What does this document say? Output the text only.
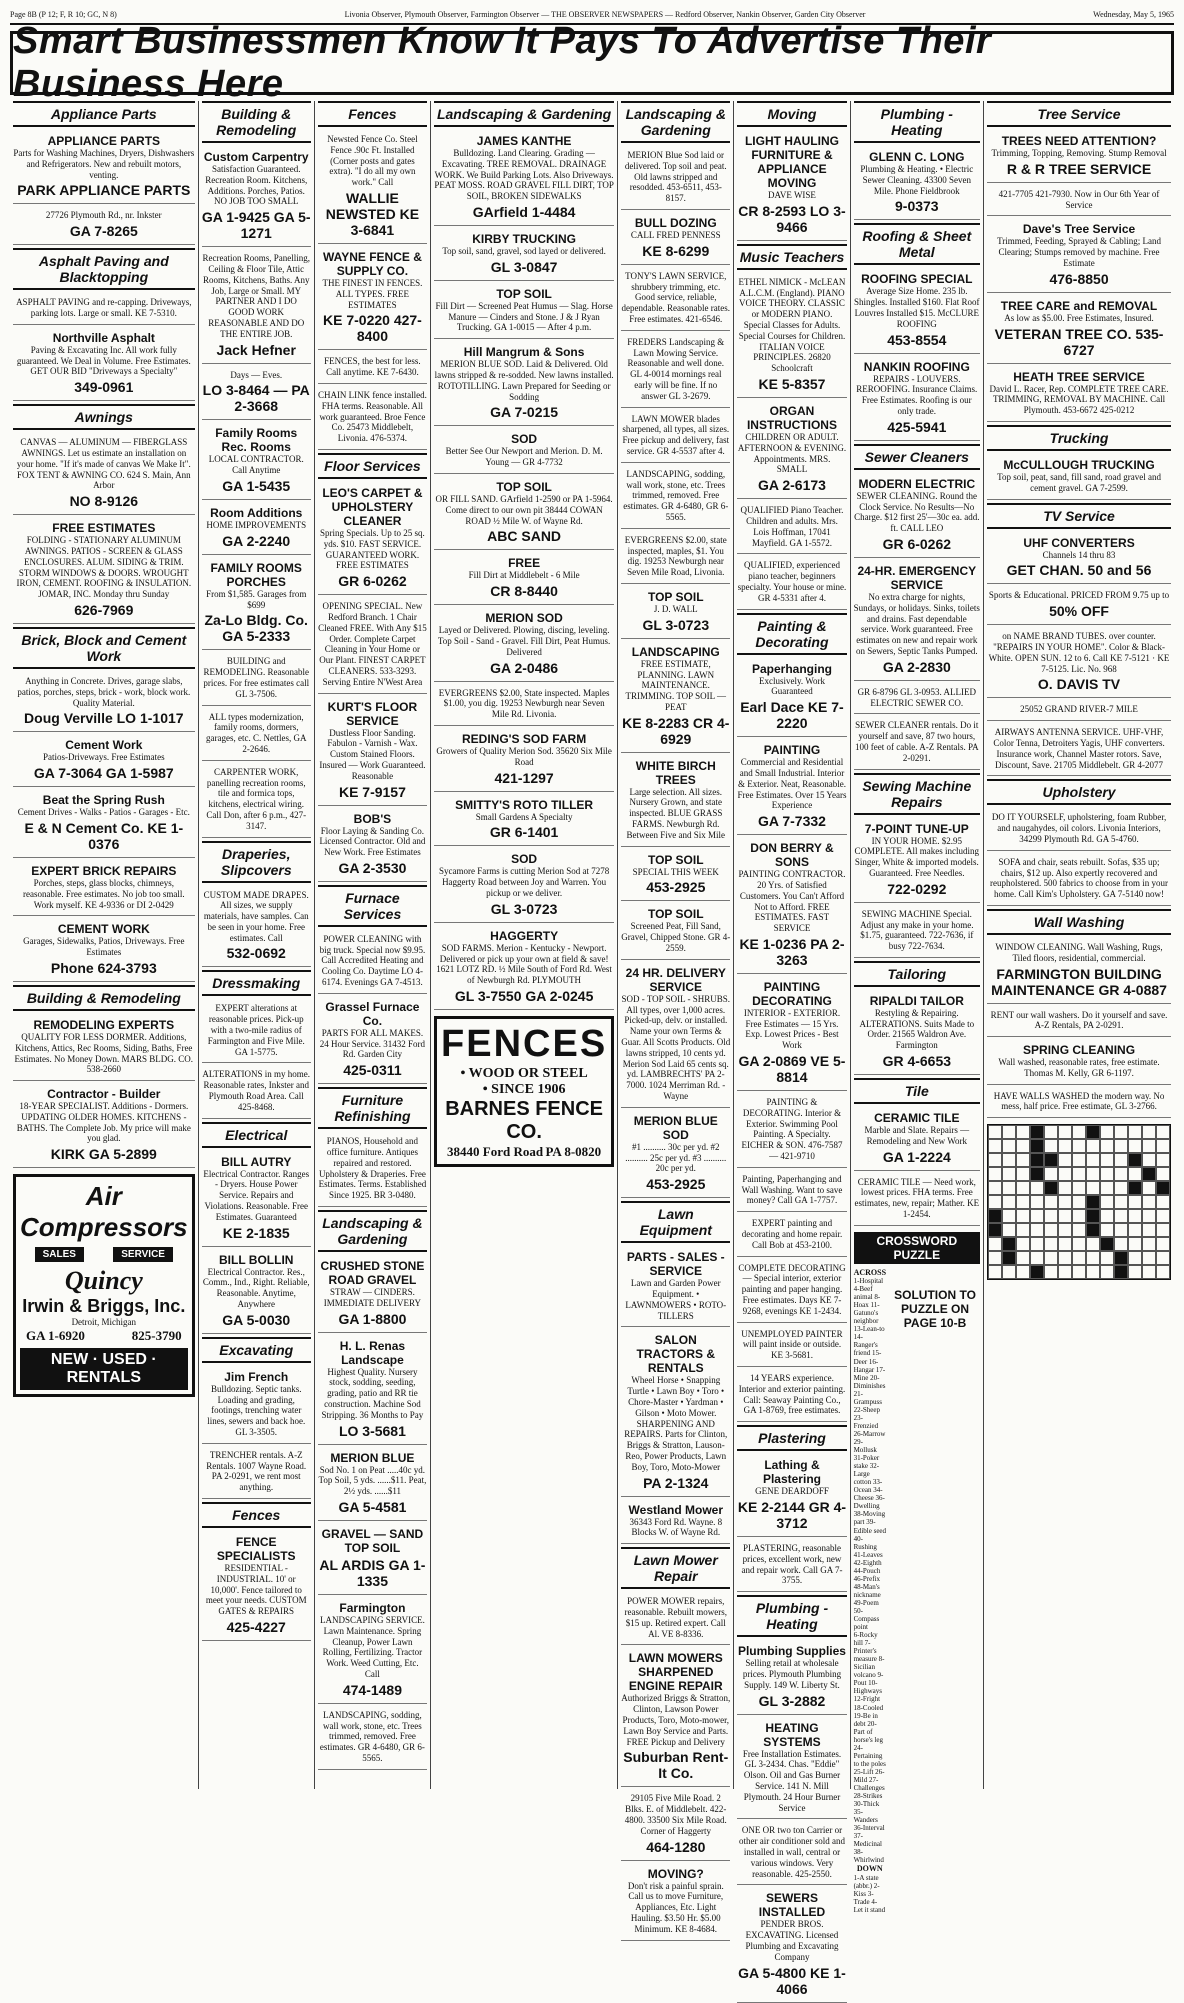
Page 8B (P 12; F, R 10; GC, N 8)	Livonia Observer, Plymouth Observer, Farmington Observer — THE OBSERVER NEWSPAPERS — Redford Observer, Nankin Observer, Garden City Observer	Wednesday, May 5, 1965
Smart Businessmen Know It Pays To Advertise Their Business Here
Appliance Parts
APPLIANCE PARTS
Parts for Washing Machines, Dryers, Dishwashers and Refrigerators. New and rebuilt motors, venting.
PARK APPLIANCE PARTS
27726 Plymouth Rd., nr. Inkster
GA 7-8265
Asphalt Paving and Blacktopping
ASPHALT PAVING and re-capping. Driveways, parking lots. Large or small. KE 7-5310.
Northville Asphalt
Paving & Excavating Inc. All work fully guaranteed. We Deal in Volume. Free Estimates. GET OUR BID "Driveways a Specialty"
349-0961
Awnings
CANVAS — ALUMINUM — FIBERGLASS AWNINGS. Let us estimate an installation on your home. "If it's made of canvas We Make It". FOX TENT & AWNING CO. 624 S. Main, Ann Arbor
NO 8-9126
FREE ESTIMATES
FOLDING - STATIONARY ALUMINUM AWNINGS. PATIOS - SCREEN & GLASS ENCLOSURES. ALUM. SIDING & TRIM. STORM WINDOWS & DOORS. WROUGHT IRON, CEMENT. ROOFING & INSULATION. JOMAR, INC. Monday thru Sunday
626-7969
Brick, Block and Cement Work
Anything in Concrete. Drives, garage slabs, patios, porches, steps, brick - work, block work. Quality Material.
Doug Verville LO 1-1017
Cement Work
Patios-Driveways. Free Estimates
GA 7-3064 GA 1-5987
Beat the Spring Rush
Cement Drives - Walks - Patios - Garages - Etc.
E & N Cement Co. KE 1-0376
EXPERT BRICK REPAIRS
Porches, steps, glass blocks, chimneys, reasonable. Free estimates. No job too small. Work myself. KE 4-9336 or DI 2-0429
CEMENT WORK
Garages, Sidewalks, Patios, Driveways. Free Estimates
Phone 624-3793
Building & Remodeling
REMODELING EXPERTS
QUALITY FOR LESS DORMER. Additions, Kitchens, Attics, Rec Rooms, Siding, Baths, Free Estimates. No Money Down. MARS BLDG. CO. 538-2660
Contractor - Builder
18-YEAR SPECIALIST. Additions - Dormers. UPDATING OLDER HOMES. KITCHENS - BATHS. The Complete Job. My price will make you glad.
KIRK GA 5-2899
Air Compressors
SALES	SERVICE
Quincy
Irwin & Briggs, Inc.
Detroit, Michigan
GA 1-6920	825-3790
NEW · USED · RENTALS
Building & Remodeling
Custom Carpentry
Satisfaction Guaranteed. Recreation Room. Kitchens, Additions. Porches, Patios. NO JOB TOO SMALL
GA 1-9425 GA 5-1271
Recreation Rooms, Panelling, Ceiling & Floor Tile, Attic Rooms, Kitchens, Baths. Any Job, Large or Small. MY PARTNER AND I DO GOOD WORK REASONABLE AND DO THE ENTIRE JOB.
Jack Hefner
Days — Eves.
LO 3-8464 — PA 2-3668
Family Rooms Rec. Rooms
LOCAL CONTRACTOR. Call Anytime
GA 1-5435
Room Additions
HOME IMPROVEMENTS
GA 2-2240
FAMILY ROOMS PORCHES
From $1,585. Garages from $699
Za-Lo Bldg. Co. GA 5-2333
BUILDING and REMODELING. Reasonable prices. For free estimates call GL 3-7506.
ALL types modernization, family rooms, dormers, garages, etc. C. Nettles, GA 2-2646.
CARPENTER WORK, panelling recreation rooms, tile and formica tops, kitchens, electrical wiring. Call Don, after 6 p.m., 427-3147.
Draperies, Slipcovers
CUSTOM MADE DRAPES. All sizes, we supply materials, have samples. Can be seen in your home. Free estimates. Call
532-0692
Dressmaking
EXPERT alterations at reasonable prices. Pick-up with a two-mile radius of Farmington and Five Mile. GA 1-5775.
ALTERATIONS in my home. Reasonable rates, Inkster and Plymouth Road Area. Call 425-8468.
Electrical
BILL AUTRY
Electrical Contractor. Ranges - Dryers. House Power Service. Repairs and Violations. Reasonable. Free Estimates. Guaranteed
KE 2-1835
BILL BOLLIN
Electrical Contractor. Res., Comm., Ind., Right. Reliable, Reasonable. Anytime, Anywhere
GA 5-0030
Excavating
Jim French
Bulldozing. Septic tanks. Loading and grading, footings, trenching water lines, sewers and back hoe. GL 3-3505.
TRENCHER rentals. A-Z Rentals. 1007 Wayne Road. PA 2-0291, we rent most anything.
Fences
FENCE SPECIALISTS
RESIDENTIAL - INDUSTRIAL. 10' or 10,000'. Fence tailored to meet your needs. CUSTOM GATES & REPAIRS
425-4227
Fences
Newsted Fence Co. Steel Fence .90c Ft. Installed (Corner posts and gates extra). "I do all my own work." Call
WALLIE NEWSTED KE 3-6841
WAYNE FENCE & SUPPLY CO.
THE FINEST IN FENCES. ALL TYPES. FREE ESTIMATES
KE 7-0220 427-8400
FENCES, the best for less. Call anytime. KE 7-6430.
CHAIN LINK fence installed. FHA terms. Reasonable. All work guaranteed. Broe Fence Co. 25473 Middlebelt, Livonia. 476-5374.
Floor Services
LEO'S CARPET & UPHOLSTERY CLEANER
Spring Specials. Up to 25 sq. yds. $10. FAST SERVICE. GUARANTEED WORK. FREE ESTIMATES
GR 6-0262
OPENING SPECIAL. New Redford Branch. 1 Chair Cleaned FREE. With Any $15 Order. Complete Carpet Cleaning in Your Home or Our Plant. FINEST CARPET CLEANERS. 533-3293. Serving Entire N'West Area
KURT'S FLOOR SERVICE
Dustless Floor Sanding. Fabulon - Varnish - Wax. Custom Stained Floors. Insured — Work Guaranteed. Reasonable
KE 7-9157
BOB'S
Floor Laying & Sanding Co. Licensed Contractor. Old and New Work. Free Estimates
GA 2-3530
Furnace Services
POWER CLEANING with big truck. Special now $9.95. Call Accredited Heating and Cooling Co. Daytime LO 4-6174. Evenings GA 7-4513.
Grassel Furnace Co.
PARTS FOR ALL MAKES. 24 Hour Service. 31432 Ford Rd. Garden City
425-0311
Furniture Refinishing
PIANOS, Household and office furniture. Antiques repaired and restored. Upholstery & Draperies. Free Estimates. Terms. Established Since 1925. BR 3-0480.
Landscaping & Gardening
CRUSHED STONE ROAD GRAVEL
STRAW — CINDERS. IMMEDIATE DELIVERY
GA 1-8800
H. L. Renas Landscape
Highest Quality. Nursery stock, sodding, seeding, grading, patio and RR tie construction. Machine Sod Stripping. 36 Months to Pay
LO 3-5681
MERION BLUE
Sod No. 1 on Peat .....40c yd. Top Soil, 5 yds. ......$11. Peat, 2½ yds. ......$11
GA 5-4581
GRAVEL — SAND TOP SOIL
AL ARDIS GA 1-1335
Farmington
LANDSCAPING SERVICE. Lawn Maintenance. Spring Cleanup, Power Lawn Rolling, Fertilizing. Tractor Work. Weed Cutting, Etc. Call
474-1489
LANDSCAPING, sodding, wall work, stone, etc. Trees trimmed, removed. Free estimates. GR 4-6480, GR 6-5565.
Landscaping & Gardening
JAMES KANTHE
Bulldozing. Land Clearing. Grading — Excavating. TREE REMOVAL. DRAINAGE WORK. We Build Parking Lots. Also Driveways. PEAT MOSS. ROAD GRAVEL FILL DIRT, TOP SOIL, BROKEN SIDEWALKS
GArfield 1-4484
KIRBY TRUCKING
Top soil, sand, gravel, sod layed or delivered.
GL 3-0847
TOP SOIL
Fill Dirt — Screened Peat Humus — Slag. Horse Manure — Cinders and Stone. J & J Ryan Trucking. GA 1-0015 — After 4 p.m.
Hill Mangrum & Sons
MERION BLUE SOD. Laid & Delivered. Old lawns stripped & re-sodded. New lawns installed. ROTOTILLING. Lawn Prepared for Seeding or Sodding
GA 7-0215
SOD
Better See Our Newport and Merion. D. M. Young — GR 4-7732
TOP SOIL
OR FILL SAND. GArfield 1-2590 or PA 1-5964. Come direct to our own pit 38444 COWAN ROAD ½ Mile W. of Wayne Rd.
ABC SAND
FREE
Fill Dirt at Middlebelt - 6 Mile
CR 8-8440
MERION SOD
Layed or Delivered. Plowing, discing, leveling. Top Soil - Sand - Gravel. Fill Dirt, Peat Humus. Delivered
GA 2-0486
EVERGREENS $2.00, State inspected. Maples $1.00, you dig. 19253 Newburgh near Seven Mile Rd. Livonia.
REDING'S SOD FARM
Growers of Quality Merion Sod. 35620 Six Mile Road
421-1297
SMITTY'S ROTO TILLER
Small Gardens A Specialty
GR 6-1401
SOD
Sycamore Farms is cutting Merion Sod at 7278 Haggerty Road between Joy and Warren. You pickup or we deliver.
GL 3-0723
HAGGERTY
SOD FARMS. Merion - Kentucky - Newport. Delivered or pick up your own at field & save! 1621 LOTZ RD. ½ Mile South of Ford Rd. West of Newburgh Rd. PLYMOUTH
GL 3-7550 GA 2-0245
FENCES
• WOOD OR STEEL
• SINCE 1906
BARNES FENCE CO.
38440 Ford Road PA 8-0820
Landscaping & Gardening
MERION Blue Sod laid or delivered. Top soil and peat. Old lawns stripped and resodded. 453-6511, 453-8157.
BULL DOZING
CALL FRED PENNESS
KE 8-6299
TONY'S LAWN SERVICE, shrubbery trimming, etc. Good service, reliable, dependable. Reasonable rates. Free estimates. 421-6546.
FREDERS Landscaping & Lawn Mowing Service. Reasonable and well done. GL 4-0014 mornings real early will be fine. If no answer GL 3-2679.
LAWN MOWER blades sharpened, all types, all sizes. Free pickup and delivery, fast service. GR 4-5537 after 4.
LANDSCAPING, sodding, wall work, stone, etc. Trees trimmed, removed. Free estimates. GR 4-6480, GR 6-5565.
EVERGREENS $2.00, state inspected, maples, $1. You dig. 19253 Newburgh near Seven Mile Road, Livonia.
TOP SOIL
J. D. WALL
GL 3-0723
LANDSCAPING
FREE ESTIMATE, PLANNING. LAWN MAINTENANCE. TRIMMING. TOP SOIL — PEAT
KE 8-2283 CR 4-6929
WHITE BIRCH TREES
Large selection. All sizes. Nursery Grown, and state inspected. BLUE GRASS FARMS. Newburgh Rd. Between Five and Six Mile
TOP SOIL
SPECIAL THIS WEEK
453-2925
TOP SOIL
Screened Peat, Fill Sand, Gravel, Chipped Stone. GR 4-2559.
24 HR. DELIVERY SERVICE
SOD - TOP SOIL - SHRUBS. All types, over 1,000 acres. Picked-up, delv. or installed. Name your own Terms & Guar. All Scotts Products. Old lawns stripped, 10 cents yd. Merion Sod Laid 65 cents sq. yd. LAMBRECHTS' PA 2-7000. 1024 Merriman Rd. - Wayne
MERION BLUE SOD
#1 .......... 30c per yd. #2 .......... 25c per yd. #3 .......... 20c per yd.
453-2925
Lawn Equipment
PARTS - SALES - SERVICE
Lawn and Garden Power Equipment. • LAWNMOWERS • ROTO-TILLERS
SALON TRACTORS & RENTALS
Wheel Horse • Snapping Turtle • Lawn Boy • Toro • Chore-Master • Yardman • Gilson • Moto Mower. SHARPENING AND REPAIRS. Parts for Clinton, Briggs & Stratton, Lauson-Reo, Power Products, Lawn Boy, Toro, Moto-Mower
PA 2-1324
Westland Mower
36343 Ford Rd. Wayne. 8 Blocks W. of Wayne Rd.
Lawn Mower Repair
POWER MOWER repairs, reasonable. Rebuilt mowers, $15 up. Retired expert. Call Al. VE 8-8336.
LAWN MOWERS SHARPENED ENGINE REPAIR
Authorized Briggs & Stratton, Clinton, Lawson Power Products, Toro, Moto-mower, Lawn Boy Service and Parts. FREE Pickup and Delivery
Suburban Rent-It Co.
29105 Five Mile Road. 2 Blks. E. of Middlebelt. 422-4800. 33500 Six Mile Road. Corner of Haggerty
464-1280
MOVING?
Don't risk a painful sprain. Call us to move Furniture, Appliances, Etc. Light Hauling. $3.50 Hr. $5.00 Minimum. KE 8-4684.
Moving
LIGHT HAULING FURNITURE & APPLIANCE MOVING
DAVE WISE
CR 8-2593 LO 3-9466
Music Teachers
ETHEL NIMICK - McLEAN A.L.C.M. (England). PIANO VOICE THEORY. CLASSIC or MODERN PIANO. Special Classes for Adults. Special Courses for Children. ITALIAN VOICE PRINCIPLES. 26820 Schoolcraft
KE 5-8357
ORGAN INSTRUCTIONS
CHILDREN OR ADULT. AFTERNOON & EVENING. Appointments. MRS. SMALL
GA 2-6173
QUALIFIED Piano Teacher. Children and adults. Mrs. Lois Hoffman, 17041 Mayfield. GA 1-5572.
QUALIFIED, experienced piano teacher, beginners specialty. Your house or mine. GR 4-5331 after 4.
Painting & Decorating
Paperhanging
Exclusively. Work Guaranteed
Earl Dace KE 7-2220
PAINTING
Commercial and Residential and Small Industrial. Interior & Exterior. Neat, Reasonable. Free Estimates. Over 15 Years Experience
GA 7-7332
DON BERRY & SONS
PAINTING CONTRACTOR. 20 Yrs. of Satisfied Customers. You Can't Afford Not to Afford. FREE ESTIMATES. FAST SERVICE
KE 1-0236 PA 2-3263
PAINTING DECORATING
INTERIOR - EXTERIOR. Free Estimates — 15 Yrs. Exp. Lowest Prices - Best Work
GA 2-0869 VE 5-8814
PAINTING & DECORATING. Interior & Exterior. Swimming Pool Painting. A Specialty. EICHER & SON. 476-7587 — 421-9710
Painting, Paperhanging and Wall Washing. Want to save money? Call GA 1-7757.
EXPERT painting and decorating and home repair. Call Bob at 453-2100.
COMPLETE DECORATING — Special interior, exterior painting and paper hanging. Free estimates. Days KE 7-9268, evenings KE 1-2434.
UNEMPLOYED PAINTER will paint inside or outside. KE 3-5681.
14 YEARS experience. Interior and exterior painting. Call: Seaway Painting Co., GA 1-8769, free estimates.
Plastering
Lathing & Plastering
GENE DEARDOFF
KE 2-2144 GR 4-3712
PLASTERING, reasonable prices, excellent work, new and repair work. Call GA 7-3755.
Plumbing - Heating
Plumbing Supplies
Selling retail at wholesale prices. Plymouth Plumbing Supply. 149 W. Liberty St.
GL 3-2882
HEATING SYSTEMS
Free Installation Estimates. GL 3-2434. Chas. "Eddie" Olson. Oil and Gas Burner Service. 141 N. Mill Plymouth. 24 Hour Burner Service
ONE OR two ton Carrier or other air conditioner sold and installed in wall, central or various windows. Very reasonable. 425-2550.
SEWERS INSTALLED
PENDER BROS. EXCAVATING. Licensed Plumbing and Excavating Company
GA 5-4800 KE 1-4066
Plumbing - Heating
GLENN C. LONG
Plumbing & Heating. • Electric Sewer Cleaning. 43300 Seven Mile. Phone Fieldbrook
9-0373
Roofing & Sheet Metal
ROOFING SPECIAL
Average Size Home. 235 lb. Shingles. Installed $160. Flat Roof Louvres Installed $15. McCLURE ROOFING
453-8554
NANKIN ROOFING
REPAIRS - LOUVERS. REROOFING. Insurance Claims. Free Estimates. Roofing is our only trade.
425-5941
Sewer Cleaners
MODERN ELECTRIC
SEWER CLEANING. Round the Clock Service. No Results—No Charge. $12 first 25'—30c ea. add. ft. CALL LEO
GR 6-0262
24-HR. EMERGENCY SERVICE
No extra charge for nights, Sundays, or holidays. Sinks, toilets and drains. Fast dependable service. Work guaranteed. Free estimates on new and repair work on Sewers, Septic Tanks Pumped.
GA 2-2830
GR 6-8796 GL 3-0953. ALLIED ELECTRIC SEWER CO.
SEWER CLEANER rentals. Do it yourself and save, 87 two hours, 100 feet of cable. A-Z Rentals. PA 2-0291.
Sewing Machine Repairs
7-POINT TUNE-UP
IN YOUR HOME. $2.95 COMPLETE. All makes including Singer, White & imported models. Guaranteed. Free Needles.
722-0292
SEWING MACHINE Special. Adjust any make in your home. $1.75, guaranteed. 722-7636, if busy 722-7634.
Tailoring
RIPALDI TAILOR
Restyling & Repairing. ALTERATIONS. Suits Made to Order. 21565 Waldron Ave. Farmington
GR 4-6653
Tile
CERAMIC TILE
Marble and Slate. Repairs — Remodeling and New Work
GA 1-2224
CERAMIC TILE — Need work, lowest prices. FHA terms. Free estimates, new, repair; Mather. KE 1-2454.
CROSSWORD PUZZLE
ACROSS
1-Hospital 4-Beef animal 8-Hoax 11-Gatuno's neighbor 13-Lean-to 14-Ranger's friend 15-Deer 16-Hangar 17-Mine 20-Diminishes 21-Grampuss 22-Sheep 23-Frenzied 26-Marrow 29-Mollusk 31-Poker stake 32-Large cotton 33-Ocean 34-Cheese 36-Dwelling 38-Moving part 39-Edible seed 40-Rushing 41-Leaves 42-Eighth 44-Pouch 46-Prefix 48-Man's nickname 49-Poem 50-Compass point
6-Rocky hill 7-Printer's measure 8-Sicilian volcano 9-Pout 10-Highways 12-Fright 18-Cooled 19-Be in debt 20-Part of horse's leg 24-Pertaining to the poles 25-Lift 26-Mild 27-Challenges 28-Strikes 30-Thick 35-Wanders 36-Interval 37-Medicinal 38-Whirlwind
DOWN
1-A state (abbr.) 2-Kiss 3-Trade 4-Let it stand
SOLUTION TO PUZZLE ON PAGE 10-B
Tree Service
TREES NEED ATTENTION?
Trimming, Topping, Removing. Stump Removal
R & R TREE SERVICE
421-7705 421-7930. Now in Our 6th Year of Service
Dave's Tree Service
Trimmed, Feeding, Sprayed & Cabling; Land Clearing; Stumps removed by machine. Free Estimate
476-8850
TREE CARE and REMOVAL
As low as $5.00. Free Estimates, Insured.
VETERAN TREE CO. 535-6727
HEATH TREE SERVICE
David L. Racer, Rep. COMPLETE TREE CARE. TRIMMING, REMOVAL BY MACHINE. Call Plymouth. 453-6672 425-0212
Trucking
McCULLOUGH TRUCKING
Top soil, peat, sand, fill sand, road gravel and cement gravel. GA 7-2599.
TV Service
UHF CONVERTERS
Channels 14 thru 83
GET CHAN. 50 and 56
Sports & Educational. PRICED FROM 9.75 up to
50% OFF
on NAME BRAND TUBES. over counter. "REPAIRS IN YOUR HOME". Color & Black-White. OPEN SUN. 12 to 6. Call KE 7-5121 · KE 7-5125. Lic. No. 968
O. DAVIS TV
25052 GRAND RIVER-7 MILE
AIRWAYS ANTENNA SERVICE. UHF-VHF, Color Tenna, Detroiters Yagis, UHF converters. Insurance work, Channel Master rotors. Save, Discount, Save. 21705 Middlebelt. GR 4-2077
Upholstery
DO IT YOURSELF, upholstering, foam Rubber, and naugahydes, oil colors. Livonia Interiors, 34299 Plymouth Rd. GA 5-4760.
SOFA and chair, seats rebuilt. Sofas, $35 up; chairs, $12 up. Also expertly recovered and reupholstered. 500 fabrics to choose from in your home. Call Kim's Upholstery. GA 7-5140 now!
Wall Washing
WINDOW CLEANING. Wall Washing, Rugs, Tiled floors, residential, commercial.
FARMINGTON BUILDING MAINTENANCE GR 4-0887
RENT our wall washers. Do it yourself and save. A-Z Rentals, PA 2-0291.
SPRING CLEANING
Wall washed, reasonable rates, free estimate. Thomas M. Kelly, GR 6-1197.
HAVE WALLS WASHED the modern way. No mess, half price. Free estimate, GL 3-2766.
